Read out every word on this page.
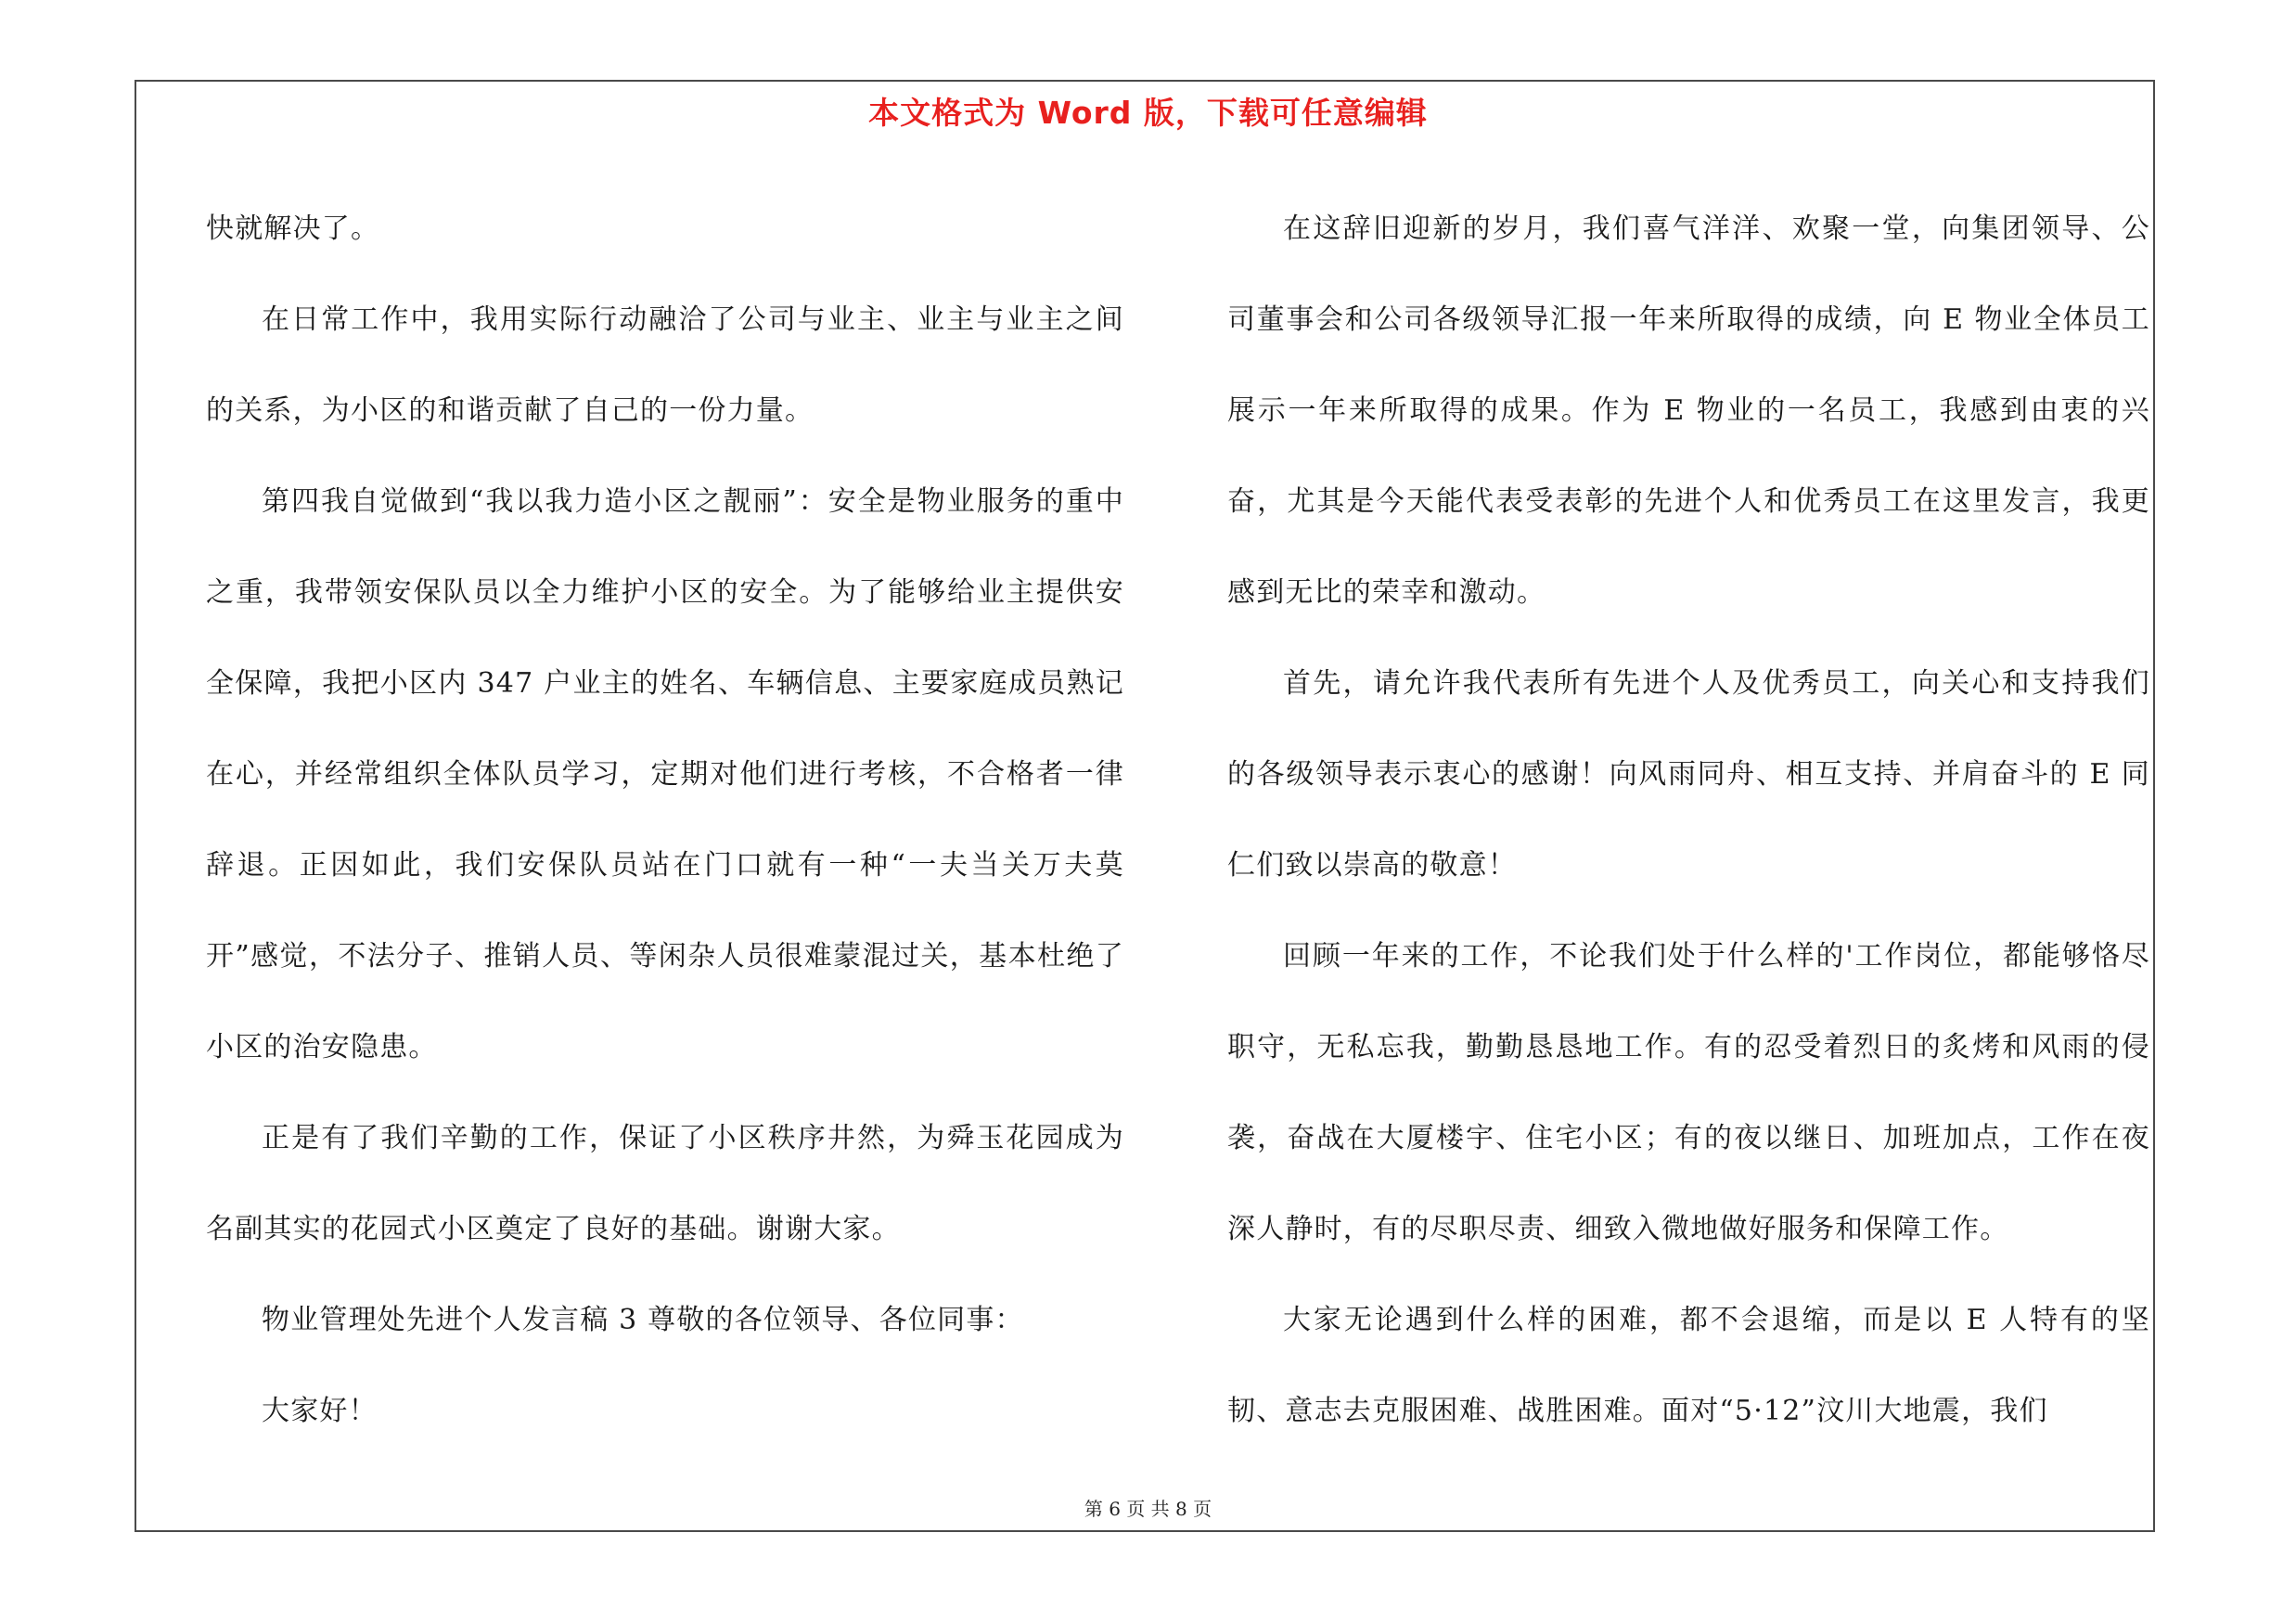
本文格式为 Word 版，下载可任意编辑

快就解决了。

在日常工作中，我用实际行动融洽了公司与业主、业主与业主之间的关系，为小区的和谐贡献了自己的一份力量。

第四我自觉做到“我以我力造小区之靓丽”：安全是物业服务的重中之重，我带领安保队员以全力维护小区的安全。为了能够给业主提供安全保障，我把小区内 347 户业主的姓名、车辆信息、主要家庭成员熟记在心，并经常组织全体队员学习，定期对他们进行考核，不合格者一律辞退。正因如此，我们安保队员站在门口就有一种“一夫当关万夫莫开”感觉，不法分子、推销人员、等闲杂人员很难蒙混过关，基本杜绝了小区的治安隐患。

正是有了我们辛勤的工作，保证了小区秩序井然，为舜玉花园成为名副其实的花园式小区奠定了良好的基础。谢谢大家。

物业管理处先进个人发言稿 3 尊敬的各位领导、各位同事：

大家好！

在这辞旧迎新的岁月，我们喜气洋洋、欢聚一堂，向集团领导、公司董事会和公司各级领导汇报一年来所取得的成绩，向 E 物业全体员工展示一年来所取得的成果。作为 E 物业的一名员工，我感到由衷的兴奋，尤其是今天能代表受表彰的先进个人和优秀员工在这里发言，我更感到无比的荣幸和激动。

首先，请允许我代表所有先进个人及优秀员工，向关心和支持我们的各级领导表示衷心的感谢！向风雨同舟、相互支持、并肩奋斗的 E 同仁们致以崇高的敬意！

回顾一年来的工作，不论我们处于什么样的'工作岗位，都能够恪尽职守，无私忘我，勤勤恳恳地工作。有的忍受着烈日的炙烤和风雨的侵袭，奋战在大厦楼宇、住宅小区；有的夜以继日、加班加点，工作在夜深人静时，有的尽职尽责、细致入微地做好服务和保障工作。

大家无论遇到什么样的困难，都不会退缩，而是以 E 人特有的坚韧、意志去克服困难、战胜困难。面对“5·12”汶川大地震，我们

第 6 页 共 8 页
